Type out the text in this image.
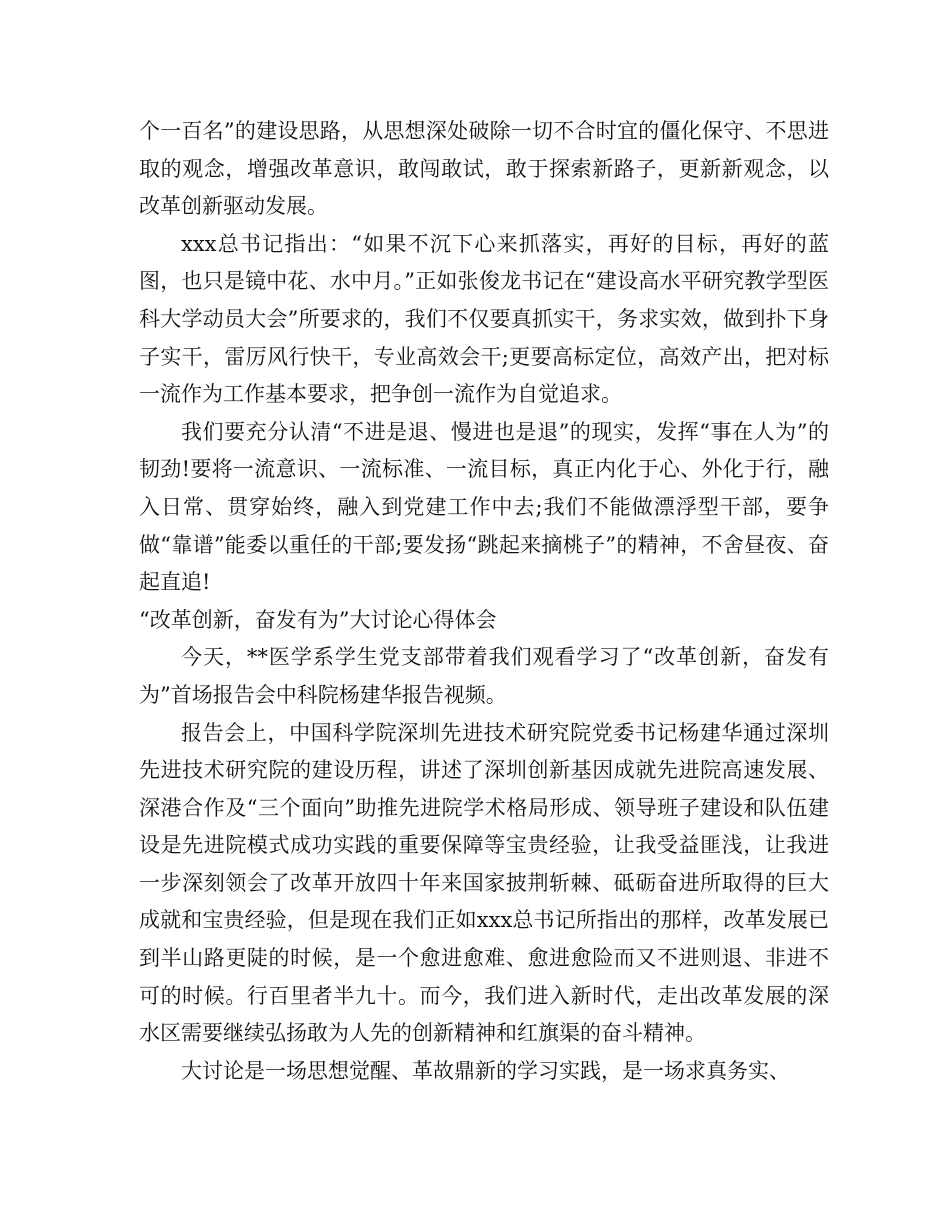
个一百名”的建设思路，从思想深处破除一切不合时宜的僵化保守、不思进取的观念，增强改革意识，敢闯敢试，敢于探索新路子，更新新观念，以改革创新驱动发展。

xxx总书记指出：“如果不沉下心来抓落实，再好的目标，再好的蓝图，也只是镜中花、水中月。”正如张俊龙书记在“建设高水平研究教学型医科大学动员大会”所要求的，我们不仅要真抓实干，务求实效，做到扑下身子实干，雷厉风行快干，专业高效会干;更要高标定位，高效产出，把对标一流作为工作基本要求，把争创一流作为自觉追求。

我们要充分认清“不进是退、慢进也是退”的现实，发挥“事在人为”的韧劲!要将一流意识、一流标准、一流目标，真正内化于心、外化于行，融入日常、贯穿始终，融入到党建工作中去;我们不能做漂浮型干部，要争做“靠谱”能委以重任的干部;要发扬“跳起来摘桃子”的精神，不舍昼夜、奋起直追!

“改革创新，奋发有为”大讨论心得体会

今天，**医学系学生党支部带着我们观看学习了“改革创新，奋发有为”首场报告会中科院杨建华报告视频。

报告会上，中国科学院深圳先进技术研究院党委书记杨建华通过深圳先进技术研究院的建设历程，讲述了深圳创新基因成就先进院高速发展、深港合作及“三个面向”助推先进院学术格局形成、领导班子建设和队伍建设是先进院模式成功实践的重要保障等宝贵经验，让我受益匪浅，让我进一步深刻领会了改革开放四十年来国家披荆斩棘、砥砺奋进所取得的巨大成就和宝贵经验，但是现在我们正如xxx总书记所指出的那样，改革发展已到半山路更陡的时候，是一个愈进愈难、愈进愈险而又不进则退、非进不可的时候。行百里者半九十。而今，我们进入新时代，走出改革发展的深水区需要继续弘扬敢为人先的创新精神和红旗渠的奋斗精神。

大讨论是一场思想觉醒、革故鼎新的学习实践，是一场求真务实、
